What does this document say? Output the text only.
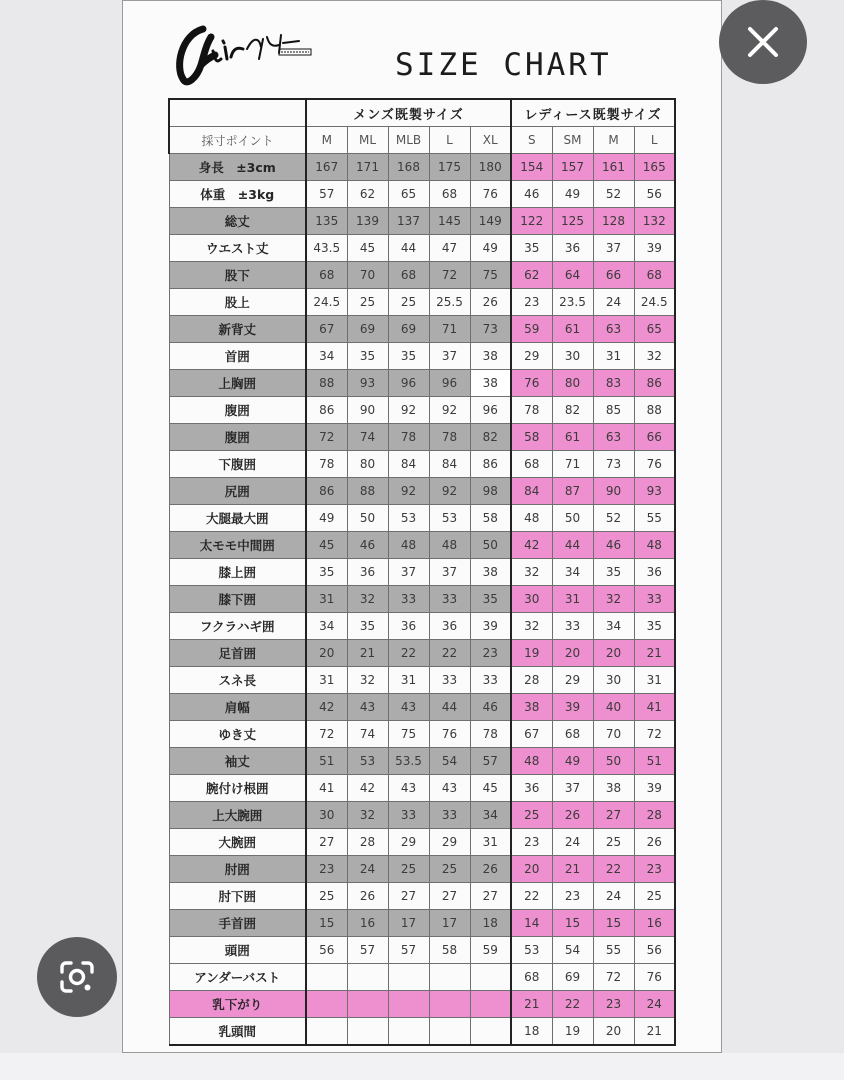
SIZE CHART
	メンズ既製サイズ					レディース既製サイズ			
採寸ポイント	M	ML	MLB	L	XL	S	SM	M	L
身長　±3cm	167	171	168	175	180	154	157	161	165
体重　±3kg	57	62	65	68	76	46	49	52	56
総丈	135	139	137	145	149	122	125	128	132
ウエスト丈	43.5	45	44	47	49	35	36	37	39
股下	68	70	68	72	75	62	64	66	68
股上	24.5	25	25	25.5	26	23	23.5	24	24.5
新背丈	67	69	69	71	73	59	61	63	65
首囲	34	35	35	37	38	29	30	31	32
上胸囲	88	93	96	96	38	76	80	83	86
腹囲	86	90	92	92	96	78	82	85	88
腹囲	72	74	78	78	82	58	61	63	66
下腹囲	78	80	84	84	86	68	71	73	76
尻囲	86	88	92	92	98	84	87	90	93
大腿最大囲	49	50	53	53	58	48	50	52	55
太モモ中間囲	45	46	48	48	50	42	44	46	48
膝上囲	35	36	37	37	38	32	34	35	36
膝下囲	31	32	33	33	35	30	31	32	33
フクラハギ囲	34	35	36	36	39	32	33	34	35
足首囲	20	21	22	22	23	19	20	20	21
スネ長	31	32	31	33	33	28	29	30	31
肩幅	42	43	43	44	46	38	39	40	41
ゆき丈	72	74	75	76	78	67	68	70	72
袖丈	51	53	53.5	54	57	48	49	50	51
腕付け根囲	41	42	43	43	45	36	37	38	39
上大腕囲	30	32	33	33	34	25	26	27	28
大腕囲	27	28	29	29	31	23	24	25	26
肘囲	23	24	25	25	26	20	21	22	23
肘下囲	25	26	27	27	27	22	23	24	25
手首囲	15	16	17	17	18	14	15	15	16
頭囲	56	57	57	58	59	53	54	55	56
アンダーバスト						68	69	72	76
乳下がり						21	22	23	24
乳頭間						18	19	20	21
